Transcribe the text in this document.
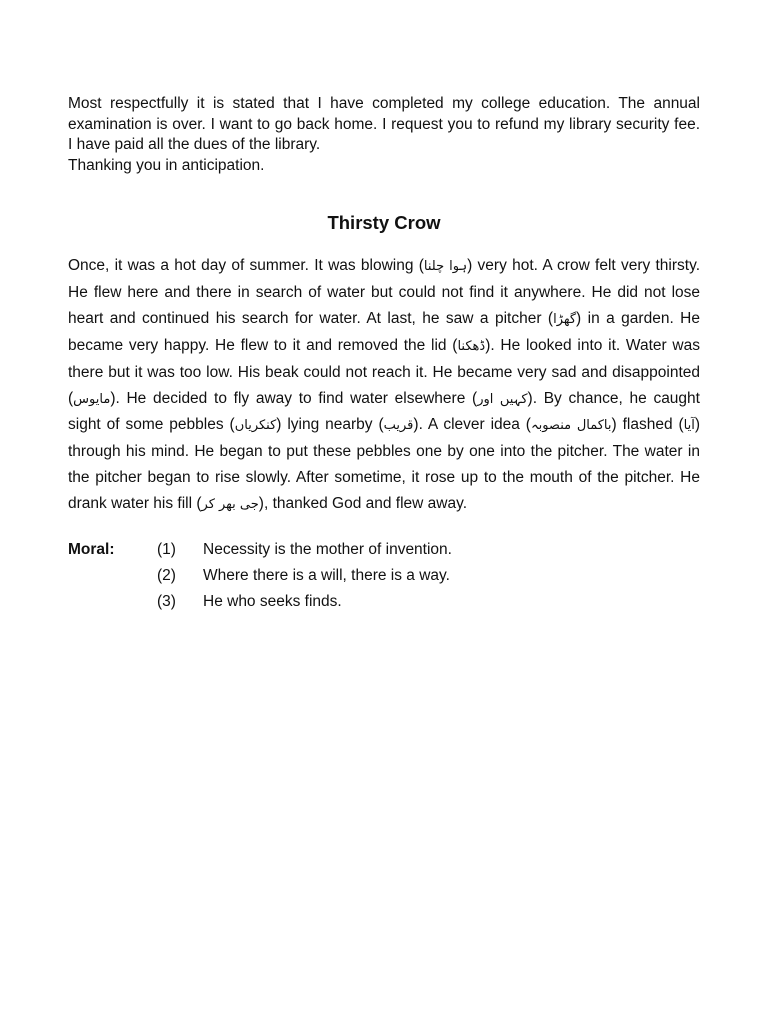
Most respectfully it is stated that I have completed my college education. The annual examination is over. I want to go back home. I request you to refund my library security fee. I have paid all the dues of the library.

Thanking you in anticipation.

Thirsty Crow

Once, it was a hot day of summer. It was blowing (ہوا چلنا) very hot. A crow felt very thirsty. He flew here and there in search of water but could not find it anywhere. He did not lose heart and continued his search for water. At last, he saw a pitcher (گھڑا) in a garden. He became very happy. He flew to it and removed the lid (ڈھکنا). He looked into it. Water was there but it was too low. His beak could not reach it. He became very sad and disappointed (مایوس). He decided to fly away to find water elsewhere (کہیں اور). By chance, he caught sight of some pebbles (کنکریاں) lying nearby (قریب). A clever idea (باکمال منصوبہ) flashed (آیا) through his mind. He began to put these pebbles one by one into the pitcher. The water in the pitcher began to rise slowly. After sometime, it rose up to the mouth of the pitcher. He drank water his fill (جی بھر کر), thanked God and flew away.

Moral:	(1)	Necessity is the mother of invention.
(2)	Where there is a will, there is a way.
(3)	He who seeks finds.
